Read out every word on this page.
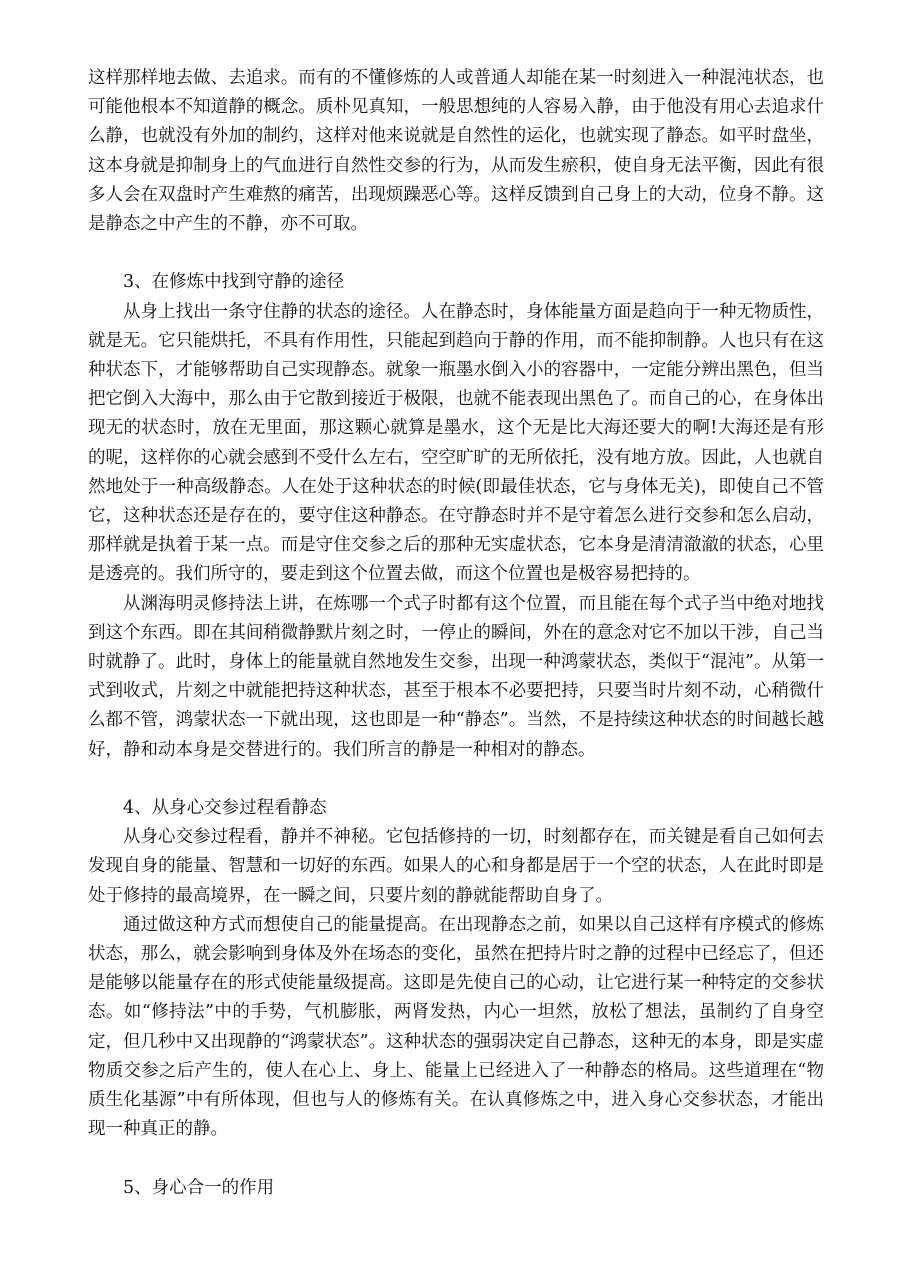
这样那样地去做、去追求。而有的不懂修炼的人或普通人却能在某一时刻进入一种混沌状态，也可能他根本不知道静的概念。质朴见真知，一般思想纯的人容易入静，由于他没有用心去追求什么静，也就没有外加的制约，这样对他来说就是自然性的运化，也就实现了静态。如平时盘坐，这本身就是抑制身上的气血进行自然性交参的行为，从而发生瘀积，使自身无法平衡，因此有很多人会在双盘时产生难熬的痛苦，出现烦躁恶心等。这样反馈到自己身上的大动，位身不静。这是静态之中产生的不静，亦不可取。

3、在修炼中找到守静的途径

从身上找出一条守住静的状态的途径。人在静态时，身体能量方面是趋向于一种无物质性，就是无。它只能烘托，不具有作用性，只能起到趋向于静的作用，而不能抑制静。人也只有在这种状态下，才能够帮助自己实现静态。就象一瓶墨水倒入小的容器中，一定能分辨出黑色，但当把它倒入大海中，那么由于它散到接近于极限，也就不能表现出黑色了。而自己的心，在身体出现无的状态时，放在无里面，那这颗心就算是墨水，这个无是比大海还要大的啊!大海还是有形的呢，这样你的心就会感到不受什么左右，空空旷旷的无所依托，没有地方放。因此，人也就自然地处于一种高级静态。人在处于这种状态的时候(即最佳状态，它与身体无关)，即使自己不管它，这种状态还是存在的，要守住这种静态。在守静态时并不是守着怎么进行交参和怎么启动，那样就是执着于某一点。而是守住交参之后的那种无实虚状态，它本身是清清澈澈的状态，心里是透亮的。我们所守的，要走到这个位置去做，而这个位置也是极容易把持的。

从渊海明灵修持法上讲，在炼哪一个式子时都有这个位置，而且能在每个式子当中绝对地找到这个东西。即在其间稍微静默片刻之时，一停止的瞬间，外在的意念对它不加以干涉，自己当时就静了。此时，身体上的能量就自然地发生交参，出现一种鸿蒙状态，类似于“混沌”。从第一式到收式，片刻之中就能把持这种状态，甚至于根本不必要把持，只要当时片刻不动，心稍微什么都不管，鸿蒙状态一下就出现，这也即是一种“静态”。当然，不是持续这种状态的时间越长越好，静和动本身是交替进行的。我们所言的静是一种相对的静态。

4、从身心交参过程看静态

从身心交参过程看，静并不神秘。它包括修持的一切，时刻都存在，而关键是看自己如何去发现自身的能量、智慧和一切好的东西。如果人的心和身都是居于一个空的状态，人在此时即是处于修持的最高境界，在一瞬之间，只要片刻的静就能帮助自身了。

通过做这种方式而想使自己的能量提高。在出现静态之前，如果以自己这样有序模式的修炼状态，那么，就会影响到身体及外在场态的变化，虽然在把持片时之静的过程中已经忘了，但还是能够以能量存在的形式使能量级提高。这即是先使自己的心动，让它进行某一种特定的交参状态。如“修持法”中的手势，气机膨胀，两肾发热，内心一坦然，放松了想法，虽制约了自身空定，但几秒中又出现静的“鸿蒙状态”。这种状态的强弱决定自己静态，这种无的本身，即是实虚物质交参之后产生的，使人在心上、身上、能量上已经进入了一种静态的格局。这些道理在“物质生化基源”中有所体现，但也与人的修炼有关。在认真修炼之中，进入身心交参状态，才能出现一种真正的静。

5、身心合一的作用
